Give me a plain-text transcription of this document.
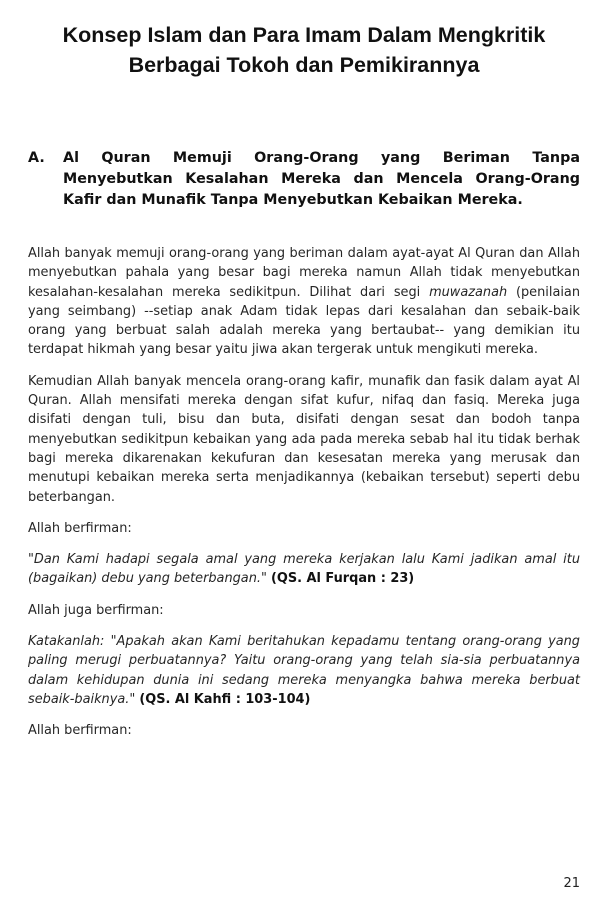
Konsep Islam dan Para Imam Dalam Mengkritik Berbagai Tokoh dan Pemikirannya
A. Al Quran Memuji Orang-Orang yang Beriman Tanpa Menyebutkan Kesalahan Mereka dan Mencela Orang-Orang Kafir dan Munafik Tanpa Menyebutkan Kebaikan Mereka.

Allah banyak memuji orang-orang yang beriman dalam ayat-ayat Al Quran dan Allah menyebutkan pahala yang besar bagi mereka namun Allah tidak menyebutkan kesalahan-kesalahan mereka sedikitpun. Dilihat dari segi muwazanah (penilaian yang seimbang) --setiap anak Adam tidak lepas dari kesalahan dan sebaik-baik orang yang berbuat salah adalah mereka yang bertaubat-- yang demikian itu terdapat hikmah yang besar yaitu jiwa akan tergerak untuk mengikuti mereka.

Kemudian Allah banyak mencela orang-orang kafir, munafik dan fasik dalam ayat Al Quran. Allah mensifati mereka dengan sifat kufur, nifaq dan fasiq. Mereka juga disifati dengan tuli, bisu dan buta, disifati dengan sesat dan bodoh tanpa menyebutkan sedikitpun kebaikan yang ada pada mereka sebab hal itu tidak berhak bagi mereka dikarenakan kekufuran dan kesesatan mereka yang merusak dan menutupi kebaikan mereka serta menjadikannya (kebaikan tersebut) seperti debu beterbangan.

Allah berfirman:

"Dan Kami hadapi segala amal yang mereka kerjakan lalu Kami jadikan amal itu (bagaikan) debu yang beterbangan." (QS. Al Furqan : 23)

Allah juga berfirman:

Katakanlah: "Apakah akan Kami beritahukan kepadamu tentang orang-orang yang paling merugi perbuatannya? Yaitu orang-orang yang telah sia-sia perbuatannya dalam kehidupan dunia ini sedang mereka menyangka bahwa mereka berbuat sebaik-baiknya." (QS. Al Kahfi : 103-104)

Allah berfirman:

21
